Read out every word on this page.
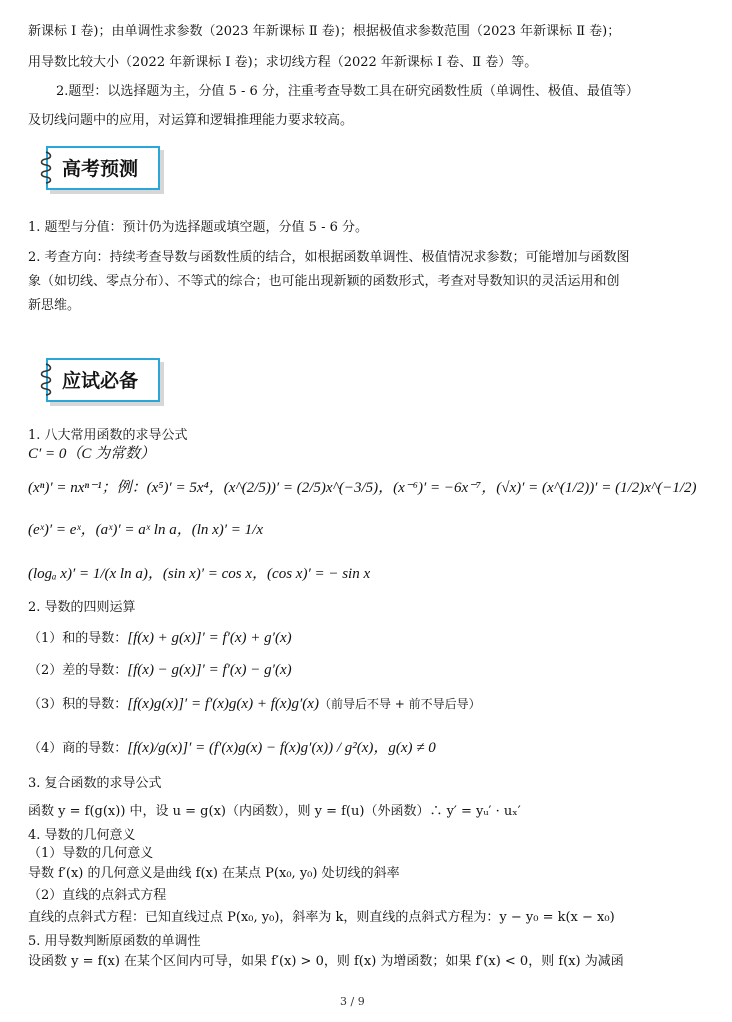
新课标 Ⅰ 卷)；由单调性求参数（2023 年新课标 Ⅱ 卷)；根据极值求参数范围（2023 年新课标 Ⅱ 卷)；
用导数比较大小（2022 年新课标 Ⅰ 卷)；求切线方程（2022 年新课标 Ⅰ 卷、Ⅱ 卷）等。
2.题型：以选择题为主，分值 5 - 6 分，注重考查导数工具在研究函数性质（单调性、极值、最值等）
及切线问题中的应用，对运算和逻辑推理能力要求较高。
高考预测
1. 题型与分值：预计仍为选择题或填空题，分值 5 - 6 分。
2. 考查方向：持续考查导数与函数性质的结合，如根据函数单调性、极值情况求参数；可能增加与函数图
象（如切线、零点分布）、不等式的综合；也可能出现新颖的函数形式，考查对导数知识的灵活运用和创
新思维。
应试必备
1. 八大常用函数的求导公式
C′ = 0（C 为常数）
(xⁿ)′ = nxⁿ⁻¹；例：(x⁵)′ = 5x⁴，(x^(2/5))′ = (2/5)x^(−3/5)，(x⁻⁶)′ = −6x⁻⁷，(√x)′ = (x^(1/2))′ = (1/2)x^(−1/2)
(eˣ)′ = eˣ，(aˣ)′ = aˣ ln a，(ln x)′ = 1/x
(logₐ x)′ = 1/(x ln a)，(sin x)′ = cos x，(cos x)′ = − sin x
2. 导数的四则运算
（1）和的导数：[f(x) + g(x)]′ = f′(x) + g′(x)
（2）差的导数：[f(x) − g(x)]′ = f′(x) − g′(x)
（3）积的导数：[f(x)g(x)]′ = f′(x)g(x) + f(x)g′(x)（前导后不导 + 前不导后导）
（4）商的导数：[f(x)/g(x)]′ = (f′(x)g(x) − f(x)g′(x)) / g²(x)，g(x) ≠ 0
3. 复合函数的求导公式
函数 y = f(g(x)) 中，设 u = g(x)（内函数），则 y = f(u)（外函数）∴ y′ = yᵤ′ · uₓ′
4. 导数的几何意义
（1）导数的几何意义
导数 f′(x) 的几何意义是曲线 f(x) 在某点 P(x₀, y₀) 处切线的斜率
（2）直线的点斜式方程
直线的点斜式方程：已知直线过点 P(x₀, y₀)，斜率为 k，则直线的点斜式方程为：y − y₀ = k(x − x₀)
5. 用导数判断原函数的单调性
设函数 y = f(x) 在某个区间内可导，如果 f′(x) > 0，则 f(x) 为增函数；如果 f′(x) < 0，则 f(x) 为减函
3 / 9
